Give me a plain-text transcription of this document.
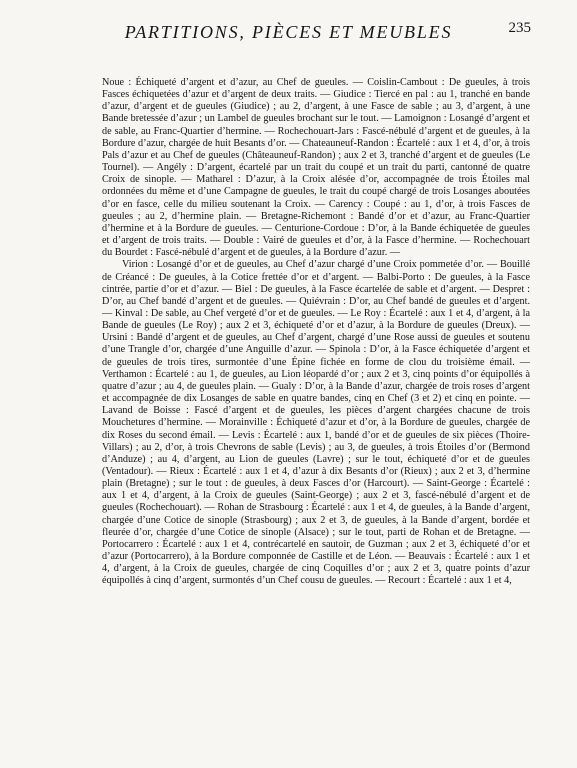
PARTITIONS, PIÈCES ET MEUBLES	235

Noue : Échiqueté d’argent et d’azur, au Chef de gueules. — Coislin-Cambout : De gueules, à trois Fasces échiquetées d’azur et d’argent de deux traits. — Giudice : Tiercé en pal : au 1, tranché en bande d’azur, d’argent et de gueules (Giudice) ; au 2, d’argent, à une Fasce de sable ; au 3, d’argent, à une Bande bretessée d’azur ; un Lambel de gueules brochant sur le tout. — Lamoignon : Losangé d’argent et de sable, au Franc-Quartier d’hermine. — Rochechouart-Jars : Fascé-nébulé d’argent et de gueules, à la Bordure d’azur, chargée de huit Besants d’or. — Chateauneuf-Randon : Écartelé : aux 1 et 4, d’or, à trois Pals d’azur et au Chef de gueules (Châteauneuf-Randon) ; aux 2 et 3, tranché d’argent et de gueules (Le Tournel). — Angély : D’argent, écartelé par un trait du coupé et un trait du parti, cantonné de quatre Croix de sinople. — Matharel : D’azur, à la Croix alésée d’or, accompagnée de trois Étoiles mal ordonnées du même et d’une Campagne de gueules, le trait du coupé chargé de trois Losanges aboutées d’or en fasce, celle du milieu soutenant la Croix. — Carency : Coupé : au 1, d’or, à trois Fasces de gueules ; au 2, d’hermine plain. — Bretagne-Richemont : Bandé d’or et d’azur, au Franc-Quartier d’hermine et à la Bordure de gueules. — Centurione-Cordoue : D’or, à la Bande échiquetée de gueules et d’argent de trois traits. — Double : Vairé de gueules et d’or, à la Fasce d’hermine. — Rochechouart du Bourdet : Fascé-nébulé d’argent et de gueules, à la Bordure d’azur. —

Virion : Losangé d’or et de gueules, au Chef d’azur chargé d’une Croix pommetée d’or. — Bouillé de Créancé : De gueules, à la Cotice frettée d’or et d’argent. — Balbi-Porto : De gueules, à la Fasce cintrée, partie d’or et d’azur. — Biel : De gueules, à la Fasce écartelée de sable et d’argent. — Despret : D’or, au Chef bandé d’argent et de gueules. — Quiévrain : D’or, au Chef bandé de gueules et d’argent. — Kinval : De sable, au Chef vergeté d’or et de gueules. — Le Roy : Écartelé : aux 1 et 4, d’argent, à la Bande de gueules (Le Roy) ; aux 2 et 3, échiqueté d’or et d’azur, à la Bordure de gueules (Dreux). — Ursini : Bandé d’argent et de gueules, au Chef d’argent, chargé d’une Rose aussi de gueules et soutenu d’une Trangle d’or, chargée d’une Anguille d’azur. — Spinola : D’or, à la Fasce échiquetée d’argent et de gueules de trois tires, surmontée d’une Épine fichée en forme de clou du troisième émail. — Verthamon : Écartelé : au 1, de gueules, au Lion léopardé d’or ; aux 2 et 3, cinq points d’or équipollés à quatre d’azur ; au 4, de gueules plain. — Gualy : D’or, à la Bande d’azur, chargée de trois roses d’argent et accompagnée de dix Losanges de sable en quatre bandes, cinq en Chef (3 et 2) et cinq en pointe. — Lavand de Boisse : Fascé d’argent et de gueules, les pièces d’argent chargées chacune de trois Mouchetures d’hermine. — Morainville : Échiqueté d’azur et d’or, à la Bordure de gueules, chargée de dix Roses du second émail. — Levis : Écartelé : aux 1, bandé d’or et de gueules de six pièces (Thoire-Villars) ; au 2, d’or, à trois Chevrons de sable (Levis) ; au 3, de gueules, à trois Étoiles d’or (Bermond d’Anduze) ; au 4, d’argent, au Lion de gueules (Lavre) ; sur le tout, échiqueté d’or et de gueules (Ventadour). — Rieux : Écartelé : aux 1 et 4, d’azur à dix Besants d’or (Rieux) ; aux 2 et 3, d’hermine plain (Bretagne) ; sur le tout : de gueules, à deux Fasces d’or (Harcourt). — Saint-George : Écartelé : aux 1 et 4, d’argent, à la Croix de gueules (Saint-George) ; aux 2 et 3, fascé-nébulé d’argent et de gueules (Rochechouart). — Rohan de Strasbourg : Écartelé : aux 1 et 4, de gueules, à la Bande d’argent, chargée d’une Cotice de sinople (Strasbourg) ; aux 2 et 3, de gueules, à la Bande d’argent, bordée et fleurée d’or, chargée d’une Cotice de sinople (Alsace) ; sur le tout, parti de Rohan et de Bretagne. — Portocarrero : Écartelé : aux 1 et 4, contrécartelé en sautoir, de Guzman ; aux 2 et 3, échiqueté d’or et d’azur (Portocarrero), à la Bordure componnée de Castille et de Léon. — Beauvais : Écartelé : aux 1 et 4, d’argent, à la Croix de gueules, chargée de cinq Coquilles d’or ; aux 2 et 3, quatre points d’azur équipollés à cinq d’argent, surmontés d’un Chef cousu de gueules. — Recourt : Écartelé : aux 1 et 4,
